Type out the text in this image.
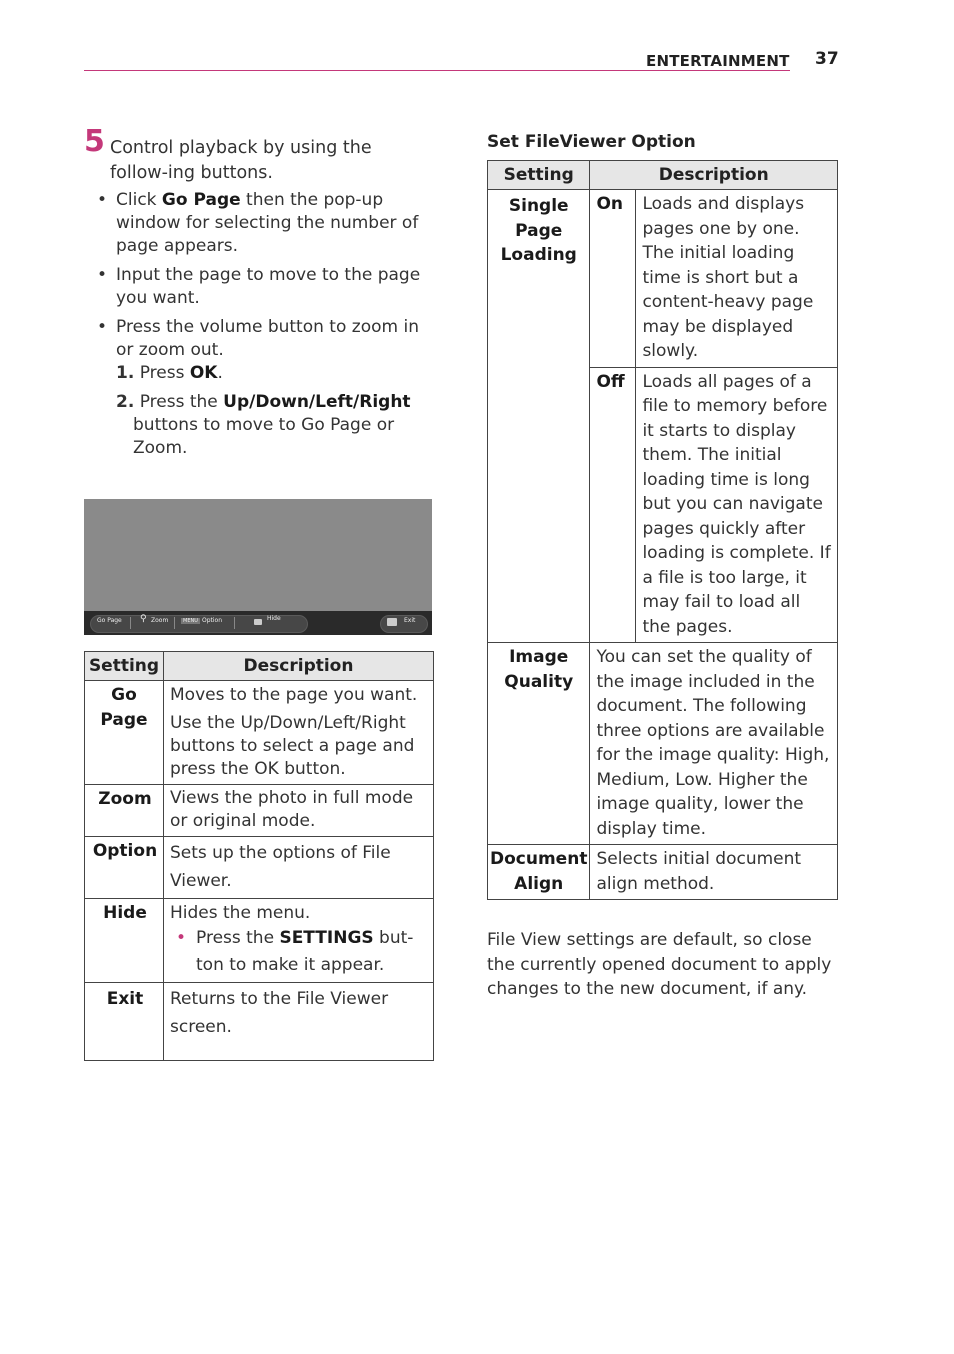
ENTERTAINMENT 37
5 Control playback by using the follow-ing buttons.
• Click Go Page then the pop-up window for selecting the number of page appears.
• Input the page to move to the page you want.
• Press the volume button to zoom in or zoom out.
1. Press OK.
2. Press the Up/Down/Left/Right buttons to move to Go Page or Zoom.
Go Page ⚲ Zoom	MENU Option	Hide	Exit
Setting	Description
Go Page	Moves to the page you want.
Use the Up/Down/Left/Right buttons to select a page and press the OK button.

Zoom	Views the photo in full mode or original mode.
Option	Sets up the options of File Viewer.
Hide	Hides the menu.
• Press the SETTINGS but-ton to make it appear.

Exit	Returns to the File Viewer screen.
Set FileViewer Option
Setting	Description	
Single Page Loading	On	Loads and displays pages one by one. The initial loading time is short but a content-heavy page may be displayed slowly.
	Off	Loads all pages of a file to memory before it starts to display them. The initial loading time is long but you can navigate pages quickly after loading is complete. If a file is too large, it may fail to load all the pages.
Image Quality	You can set the quality of the image included in the document. The following three options are available for the image quality: High, Medium, Low. Higher the image quality, lower the display time.	
Document Align	Selects initial document align method.	
File View settings are default, so close the currently opened document to apply changes to the new document, if any.
